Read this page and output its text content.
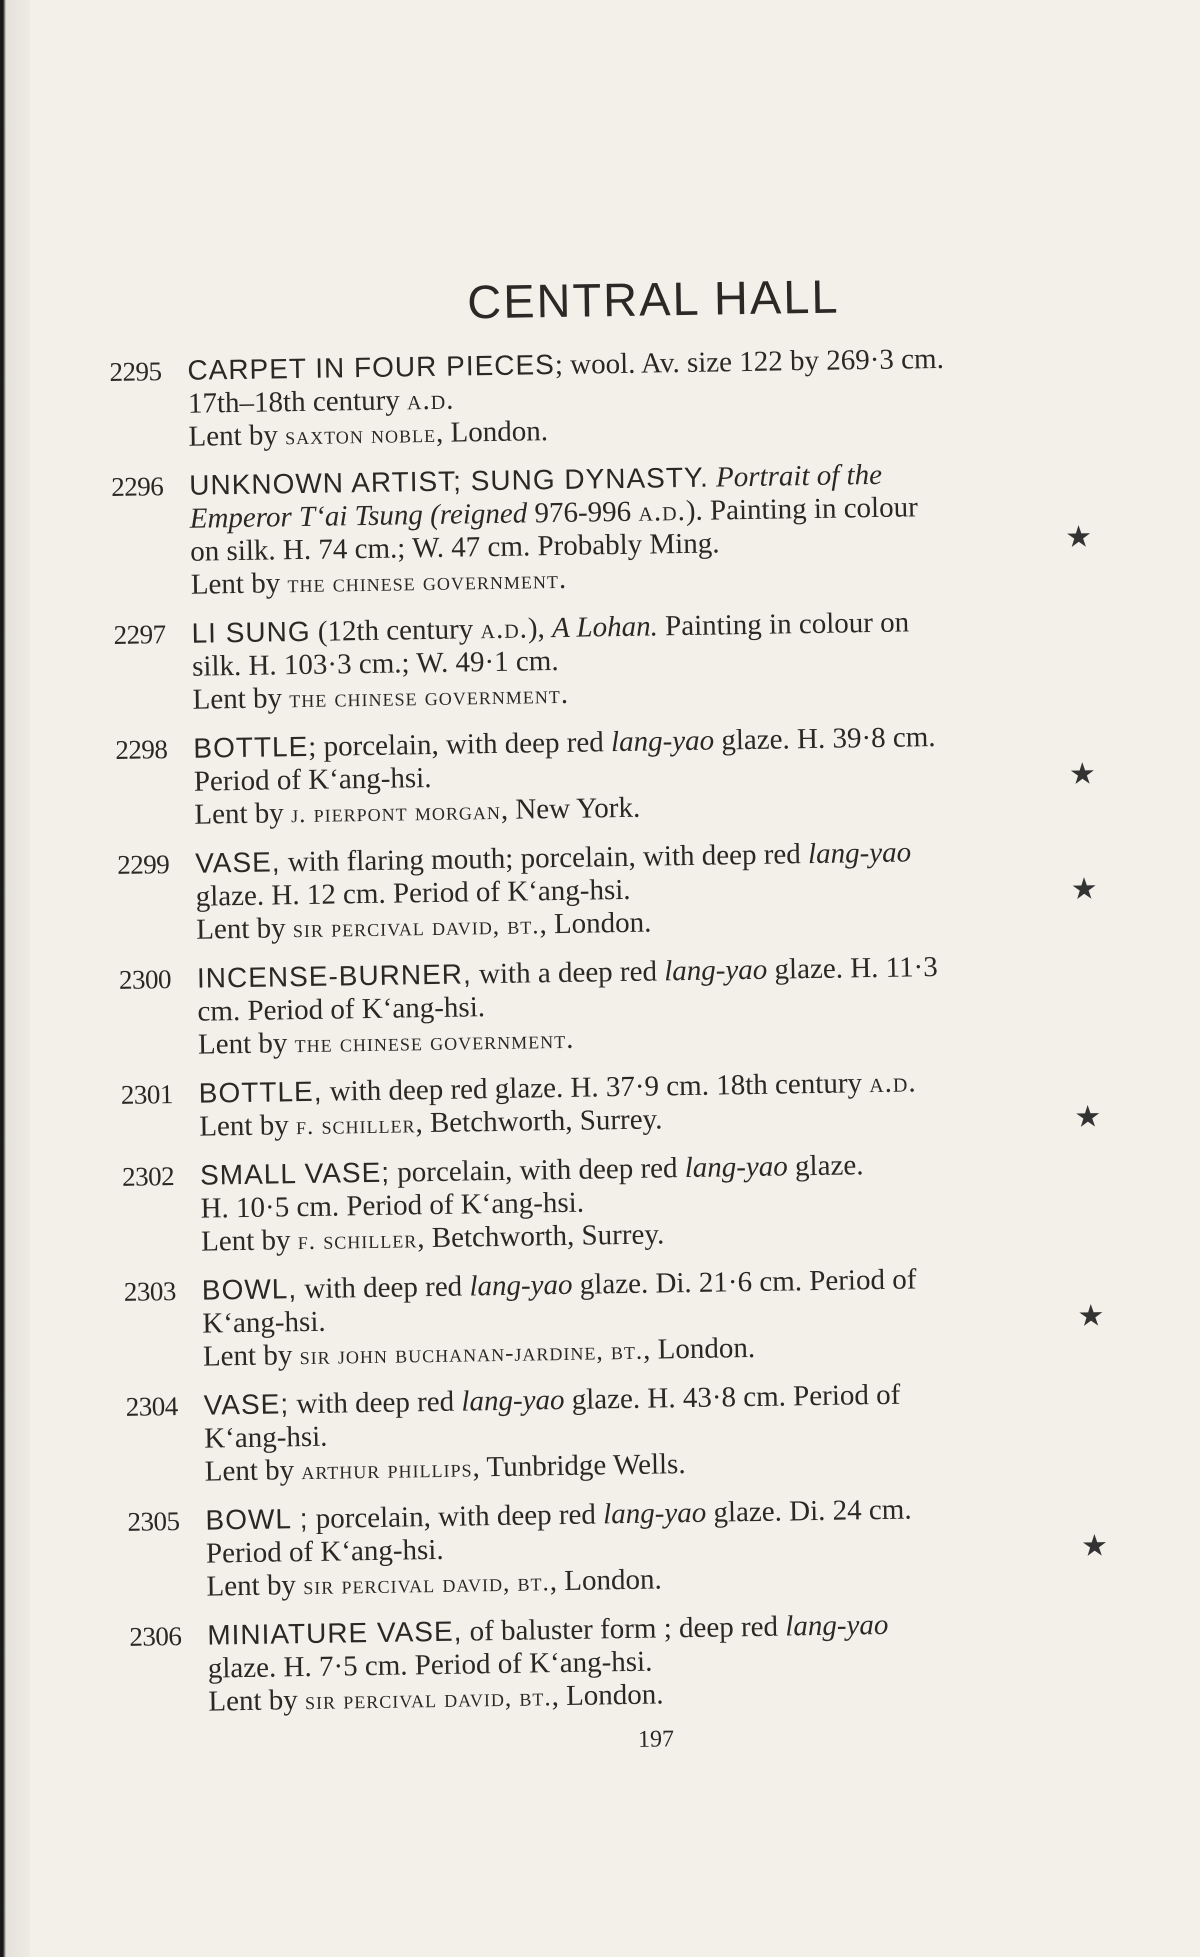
CENTRAL HALL
2295 CARPET IN FOUR PIECES; wool. Av. size 122 by 269·3 cm.
17th–18th century a.d.
Lent by saxton noble, London.
2296 UNKNOWN ARTIST; SUNG DYNASTY. Portrait of the
Emperor T‘ai Tsung (reigned 976-996 a.d.). Painting in colour
on silk. H. 74 cm.; W. 47 cm. Probably Ming.	★
Lent by the chinese government.
2297 LI SUNG (12th century a.d.), A Lohan. Painting in colour on
silk. H. 103·3 cm.; W. 49·1 cm.
Lent by the chinese government.
2298 BOTTLE; porcelain, with deep red lang-yao glaze. H. 39·8 cm.
Period of K‘ang-hsi.	★
Lent by j. pierpont morgan, New York.
2299 VASE, with flaring mouth; porcelain, with deep red lang-yao
glaze. H. 12 cm. Period of K‘ang-hsi.	★
Lent by sir percival david, bt., London.
2300 INCENSE-BURNER, with a deep red lang-yao glaze. H. 11·3
cm. Period of K‘ang-hsi.
Lent by the chinese government.
2301 BOTTLE, with deep red glaze. H. 37·9 cm. 18th century a.d.
★
Lent by f. schiller, Betchworth, Surrey.
2302 SMALL VASE; porcelain, with deep red lang-yao glaze.
H. 10·5 cm. Period of K‘ang-hsi.
Lent by f. schiller, Betchworth, Surrey.
2303 BOWL, with deep red lang-yao glaze. Di. 21·6 cm. Period of
K‘ang-hsi.	★
Lent by sir john buchanan-jardine, bt., London.
2304 VASE; with deep red lang-yao glaze. H. 43·8 cm. Period of
K‘ang-hsi.
Lent by arthur phillips, Tunbridge Wells.
2305 BOWL ; porcelain, with deep red lang-yao glaze. Di. 24 cm.
Period of K‘ang-hsi.	★
Lent by sir percival david, bt., London.
2306 MINIATURE VASE, of baluster form ; deep red lang-yao
glaze. H. 7·5 cm. Period of K‘ang-hsi.
Lent by sir percival david, bt., London.
197
